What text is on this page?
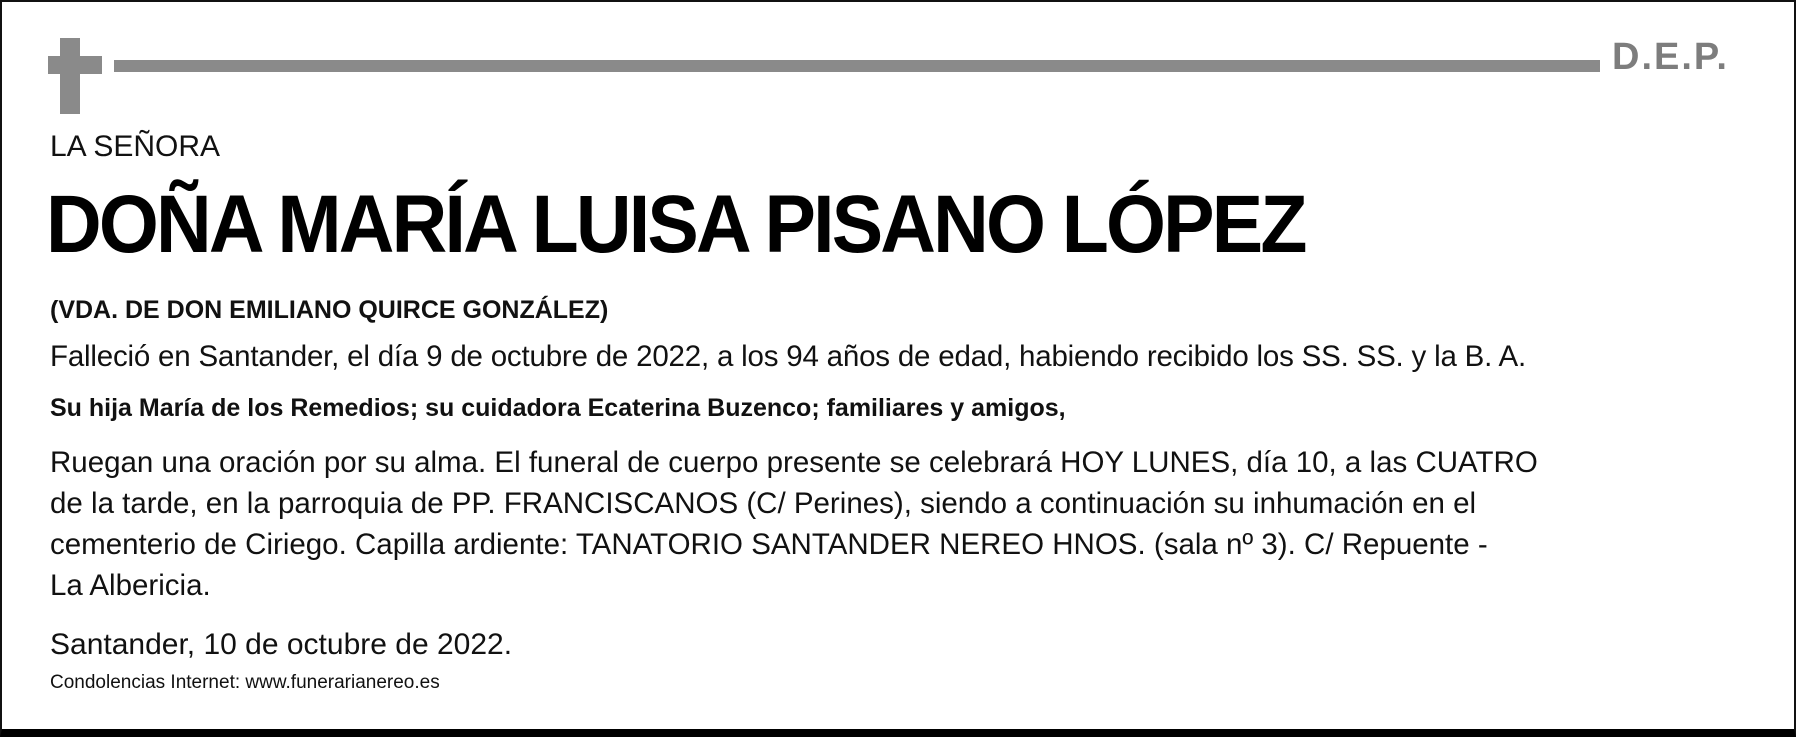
D.E.P.
LA SEÑORA
DOÑA MARÍA LUISA PISANO LÓPEZ
(VDA. DE DON EMILIANO QUIRCE GONZÁLEZ)
Falleció en Santander, el día 9 de octubre de 2022, a los 94 años de edad, habiendo recibido los SS. SS. y la B. A.
Su hija María de los Remedios; su cuidadora Ecaterina Buzenco; familiares y amigos,
Ruegan una oración por su alma. El funeral de cuerpo presente se celebrará HOY LUNES, día 10, a las CUATRO
de la tarde, en la parroquia de PP. FRANCISCANOS (C/ Perines), siendo a continuación su inhumación en el
cementerio de Ciriego. Capilla ardiente: TANATORIO SANTANDER NEREO HNOS. (sala nº 3). C/ Repuente -
La Albericia.
Santander, 10 de octubre de 2022.
Condolencias Internet: www.funerarianereo.es
